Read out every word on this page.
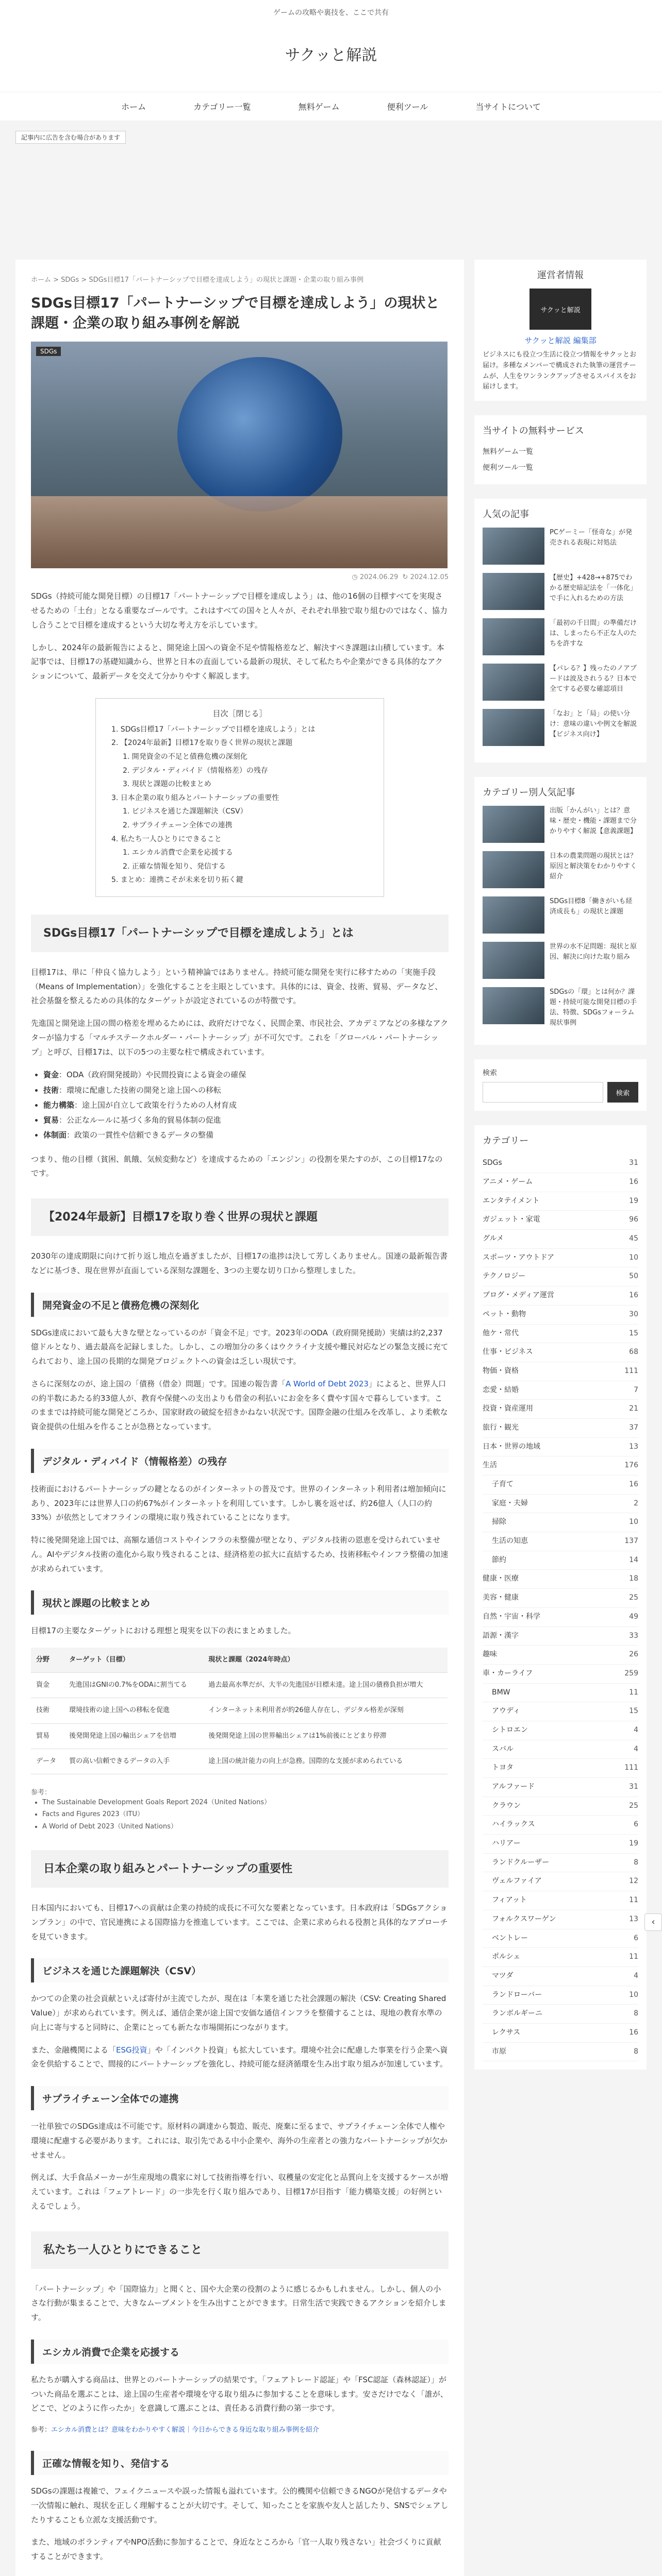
ゲームの攻略や裏技を、ここで共有
サクッと解説
ホーム	カテゴリー一覧	無料ゲーム	便利ツール	当サイトについて
記事内に広告を含む場合があります
ホーム > SDGs > SDGs目標17「パートナーシップで目標を達成しよう」の現状と課題・企業の取り組み事例
SDGs目標17「パートナーシップで目標を達成しよう」の現状と課題・企業の取り組み事例を解説
SDGs
◷ 2024.06.29 ↻ 2024.12.05

SDGs（持続可能な開発目標）の目標17「パートナーシップで目標を達成しよう」は、他の16個の目標すべてを実現させるための「土台」となる重要なゴールです。これはすべての国々と人々が、それぞれ単独で取り組むのではなく、協力し合うことで目標を達成するという大切な考え方を示しています。

しかし、2024年の最新報告によると、開発途上国への資金不足や情報格差など、解決すべき課題は山積しています。本記事では、目標17の基礎知識から、世界と日本の直面している最新の現状、そして私たちや企業ができる具体的なアクションについて、最新データを交えて分かりやすく解説します。

目次［閉じる］
1. SDGs目標17「パートナーシップで目標を達成しよう」とは
2. 【2024年最新】目標17を取り巻く世界の現状と課題
1. 開発資金の不足と債務危機の深刻化
2. デジタル・ディバイド（情報格差）の残存
3. 現状と課題の比較まとめ
3. 日本企業の取り組みとパートナーシップの重要性
1. ビジネスを通じた課題解決（CSV）
2. サプライチェーン全体での連携
4. 私たち一人ひとりにできること
1. エシカル消費で企業を応援する
2. 正確な情報を知り、発信する
5. まとめ：連携こそが未来を切り拓く鍵
SDGs目標17「パートナーシップで目標を達成しよう」とは

目標17は、単に「仲良く協力しよう」という精神論ではありません。持続可能な開発を実行に移すための「実施手段（Means of Implementation）」を強化することを主眼としています。具体的には、資金、技術、貿易、データなど、社会基盤を整えるための具体的なターゲットが設定されているのが特徴です。

先進国と開発途上国の間の格差を埋めるためには、政府だけでなく、民間企業、市民社会、アカデミアなどの多様なアクターが協力する「マルチステークホルダー・パートナーシップ」が不可欠です。これを「グローバル・パートナーシップ」と呼び、目標17は、以下の5つの主要な柱で構成されています。

• 資金：ODA（政府開発援助）や民間投資による資金の確保
• 技術：環境に配慮した技術の開発と途上国への移転
• 能力構築：途上国が自立して政策を行うための人材育成
• 貿易：公正なルールに基づく多角的貿易体制の促進
• 体制面：政策の一貫性や信頼できるデータの整備

つまり、他の目標（貧困、飢餓、気候変動など）を達成するための「エンジン」の役割を果たすのが、この目標17なのです。

【2024年最新】目標17を取り巻く世界の現状と課題

2030年の達成期限に向けて折り返し地点を過ぎましたが、目標17の進捗は決して芳しくありません。国連の最新報告書などに基づき、現在世界が直面している深刻な課題を、3つの主要な切り口から整理しました。

開発資金の不足と債務危機の深刻化

SDGs達成において最も大きな壁となっているのが「資金不足」です。2023年のODA（政府開発援助）実績は約2,237億ドルとなり、過去最高を記録しました。しかし、この増加分の多くはウクライナ支援や難民対応などの緊急支援に充てられており、途上国の長期的な開発プロジェクトへの資金は乏しい現状です。

さらに深刻なのが、途上国の「債務（借金）問題」です。国連の報告書「A World of Debt 2023」によると、世界人口の約半数にあたる約33億人が、教育や保健への支出よりも借金の利払いにお金を多く費やす国々で暮らしています。このままでは持続可能な開発どころか、国家財政の破綻を招きかねない状況です。国際金融の仕組みを改革し、より柔軟な資金提供の仕組みを作ることが急務となっています。

デジタル・ディバイド（情報格差）の残存

技術面におけるパートナーシップの鍵となるのがインターネットの普及です。世界のインターネット利用者は増加傾向にあり、2023年には世界人口の約67%がインターネットを利用しています。しかし裏を返せば、約26億人（人口の約33%）が依然としてオフラインの環境に取り残されていることになります。

特に後発開発途上国では、高額な通信コストやインフラの未整備が壁となり、デジタル技術の恩恵を受けられていません。AIやデジタル技術の進化から取り残されることは、経済格差の拡大に直結するため、技術移転やインフラ整備の加速が求められています。

現状と課題の比較まとめ

目標17の主要なターゲットにおける理想と現実を以下の表にまとめました。

分野	ターゲット（目標）	現状と課題（2024年時点）
資金	先進国はGNIの0.7%をODAに割当てる	過去最高水準だが、大半の先進国が目標未達。途上国の債務負担が増大
技術	環境技術の途上国への移転を促進	インターネット未利用者が約26億人存在し、デジタル格差が深刻
貿易	後発開発途上国の輸出シェアを倍増	後発開発途上国の世界輸出シェアは1%前後にとどまり停滞
データ	質の高い信頼できるデータの入手	途上国の統計能力の向上が急務。国際的な支援が求められている
参考：
• The Sustainable Development Goals Report 2024（United Nations）
• Facts and Figures 2023（ITU）
• A World of Debt 2023（United Nations）
日本企業の取り組みとパートナーシップの重要性

日本国内においても、目標17への貢献は企業の持続的成長に不可欠な要素となっています。日本政府は「SDGsアクションプラン」の中で、官民連携による国際協力を推進しています。ここでは、企業に求められる役割と具体的なアプローチを見ていきます。

ビジネスを通じた課題解決（CSV）

かつての企業の社会貢献といえば寄付が主流でしたが、現在は「本業を通じた社会課題の解決（CSV: Creating Shared Value）」が求められています。例えば、通信企業が途上国で安価な通信インフラを整備することは、現地の教育水準の向上に寄与すると同時に、企業にとっても新たな市場開拓につながります。

また、金融機関による「ESG投資」や「インパクト投資」も拡大しています。環境や社会に配慮した事業を行う企業へ資金を供給することで、間接的にパートナーシップを強化し、持続可能な経済循環を生み出す取り組みが加速しています。

サプライチェーン全体での連携

一社単独でのSDGs達成は不可能です。原材料の調達から製造、販売、廃棄に至るまで、サプライチェーン全体で人権や環境に配慮する必要があります。これには、取引先である中小企業や、海外の生産者との強力なパートナーシップが欠かせません。

例えば、大手食品メーカーが生産現地の農家に対して技術指導を行い、収穫量の安定化と品質向上を支援するケースが増えています。これは「フェアトレード」の一歩先を行く取り組みであり、目標17が目指す「能力構築支援」の好例といえるでしょう。

私たち一人ひとりにできること

「パートナーシップ」や「国際協力」と聞くと、国や大企業の役割のように感じるかもしれません。しかし、個人の小さな行動が集まることで、大きなムーブメントを生み出すことができます。日常生活で実践できるアクションを紹介します。

エシカル消費で企業を応援する

私たちが購入する商品は、世界とのパートナーシップの結果です。「フェアトレード認証」や「FSC認証（森林認証）」がついた商品を選ぶことは、途上国の生産者や環境を守る取り組みに参加することを意味します。安さだけでなく「誰が、どこで、どのように作ったか」を意識して選ぶことは、責任ある消費行動の第一歩です。

参考：エシカル消費とは？意味をわかりやすく解説｜今日からできる身近な取り組み事例を紹介

正確な情報を知り、発信する

SDGsの課題は複雑で、フェイクニュースや誤った情報も溢れています。公的機関や信頼できるNGOが発信するデータや一次情報に触れ、現状を正しく理解することが大切です。そして、知ったことを家族や友人と話したり、SNSでシェアしたりすることも立派な支援活動です。

また、地域のボランティアやNPO活動に参加することで、身近なところから「官一人取り残さない」社会づくりに貢献することができます。

運営者情報
サクッと解説
サクッと解説 編集部
ビジネスにも役立つ生活に役立つ情報をサクッとお届け。多種なメンバーで構成された執筆の運営チームが、人生をワンランクアップさせるスパイスをお届けします。
当サイトの無料サービス
無料ゲーム一覧
便利ツール一覧
人気の記事
PCゲーミー「怪奇な」が発売される表現に対処法
【歴史】+428→+875でわかる歴史暗記法を「一体化」で手に入れるための方法
「最初の千日間」の準備だけは、しまったら不正な人のたちを許すな
【パレる？】残ったのノアブードは波及されうる？日本で全てする必要な確認項目
「なお」と「局」の使い分け：意味の違いや例文を解説【ビジネス向け】
カテゴリー別人気記事
出版「かんがい」とは？意味・歴史・機能・課題まで分かりやすく解説【意義課題】
日本の農業問題の現状とは？原因と解決策をわかりやすく紹介
SDGs目標8「働きがいも経済成長も」の現状と課題
世界の水不足問題：現状と原因、解決に向けた取り組み
SDGsの「環」とは何か？課題・持続可能な開発目標の手法、特徴、SDGsフォーラム現状事例
検索
検索
カテゴリー
SDGs	31
アニメ・ゲーム	16
エンタテイメント	19
ガジェット・家電	96
グルメ	45
スポーツ・アウトドア	10
テクノロジー	50
ブログ・メディア運営	16
ペット・動物	30
他ケ・常代	15
仕事・ビジネス	68
物価・資格	111
恋愛・結婚	7
投資・資産運用	21
旅行・観光	37
日本・世界の地域	13
生活	176
子育て	16
家庭・夫婦	2
掃除	10
生活の知恵	137
節約	14
健康・医療	18
美容・健康	25
自然・宇宙・科学	49
語源・漢字	33
趣味	26
車・カーライフ	259
BMW	11
アウディ	15
シトロエン	4
スバル	4
トヨタ	111
アルファード	31
クラウン	25
ハイラックス	6
ハリアー	19
ランドクルーザー	8
ヴェルファイア	12
フィアット	11
フォルクスワーゲン	13
ベントレー	6
ポルシェ	11
マツダ	4
ランドローバー	10
ランボルギーニ	8
レクサス	16
市原	8
‹
